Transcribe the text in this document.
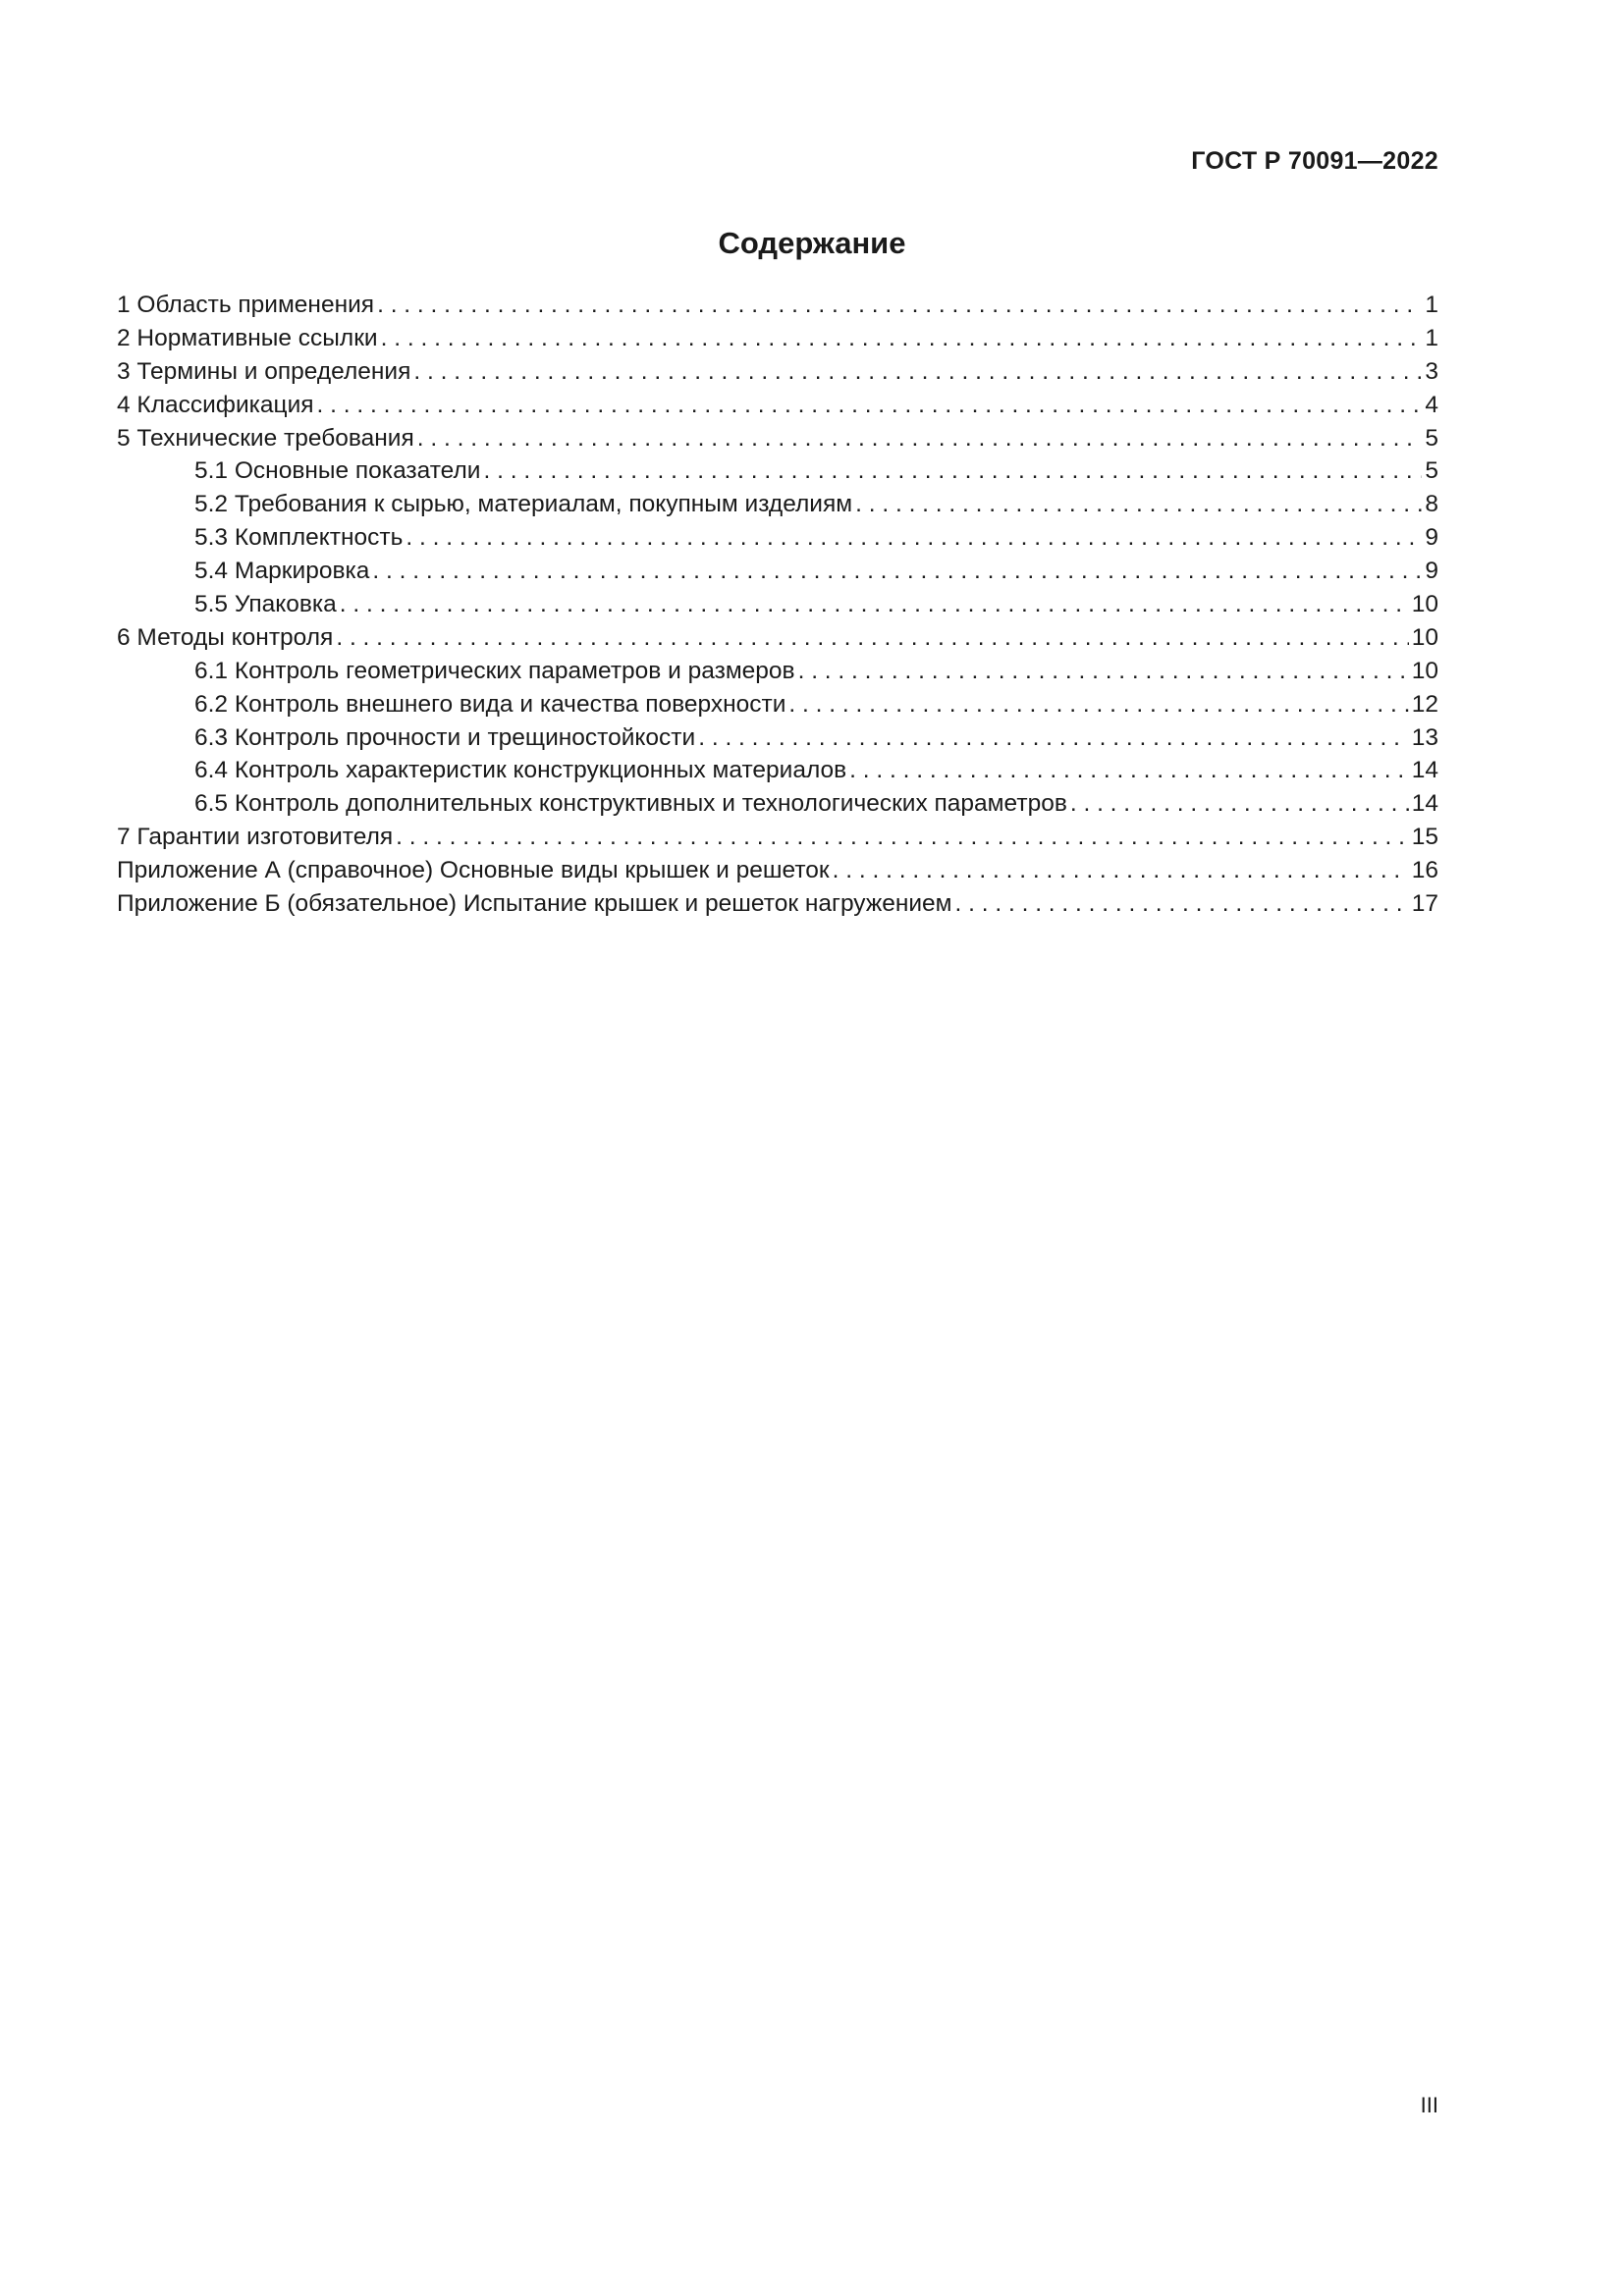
ГОСТ Р 70091—2022
Содержание
1 Область применения . . .	1
2 Нормативные ссылки . . .	1
3 Термины и определения . . .	3
4 Классификация . . .	4
5 Технические требования . . .	5
5.1 Основные показатели . . .	5
5.2 Требования к сырью, материалам, покупным изделиям . . .	8
5.3 Комплектность . . .	9
5.4 Маркировка . . .	9
5.5 Упаковка . . .	10
6 Методы контроля . . .	10
6.1 Контроль геометрических параметров и размеров . . .	10
6.2 Контроль внешнего вида и качества поверхности . . .	12
6.3 Контроль прочности и трещиностойкости . . .	13
6.4 Контроль характеристик конструкционных материалов . . .	14
6.5 Контроль дополнительных конструктивных и технологических параметров . . .	14
7 Гарантии изготовителя . . .	15
Приложение А (справочное) Основные виды крышек и решеток . . .	16
Приложение Б (обязательное) Испытание крышек и решеток нагружением . . .	17
III
